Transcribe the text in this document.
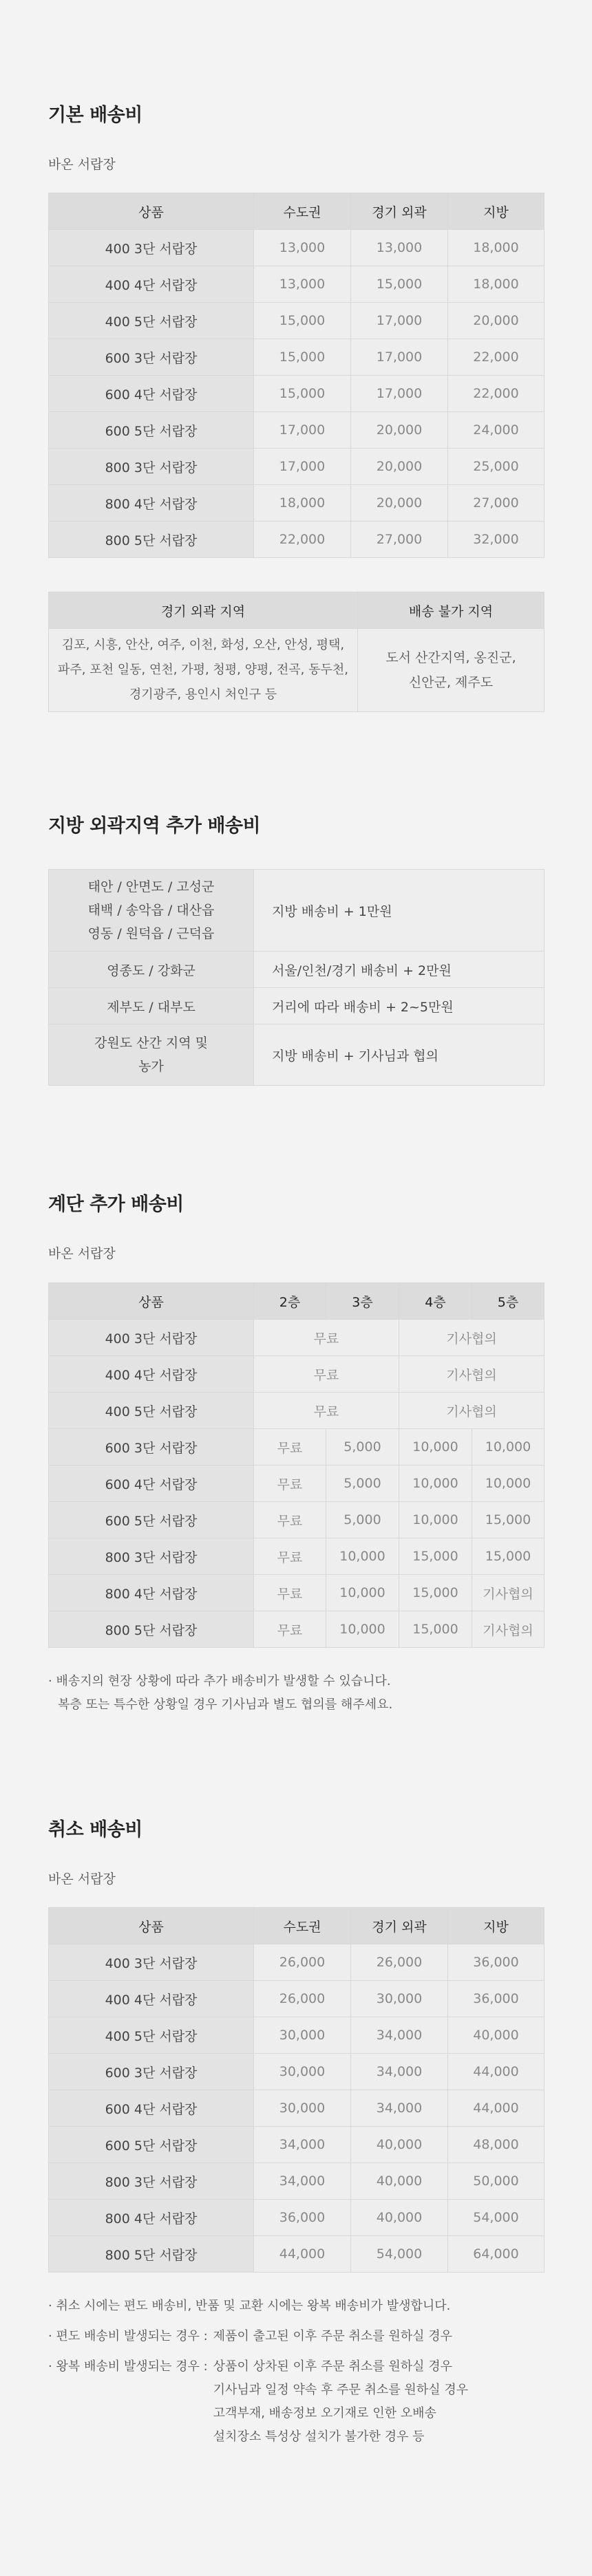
기본 배송비
바온 서랍장
상품	수도권	경기 외곽	지방
400 3단 서랍장	13,000	13,000	18,000
400 4단 서랍장	13,000	15,000	18,000
400 5단 서랍장	15,000	17,000	20,000
600 3단 서랍장	15,000	17,000	22,000
600 4단 서랍장	15,000	17,000	22,000
600 5단 서랍장	17,000	20,000	24,000
800 3단 서랍장	17,000	20,000	25,000
800 4단 서랍장	18,000	20,000	27,000
800 5단 서랍장	22,000	27,000	32,000
경기 외곽 지역	배송 불가 지역
김포, 시흥, 안산, 여주, 이천, 화성, 오산, 안성, 평택, 파주, 포천 일동, 연천, 가평, 청평, 양평, 전곡, 동두천, 경기광주, 용인시 처인구 등	도서 산간지역, 옹진군, 신안군, 제주도
지방 외곽지역 추가 배송비
태안 / 안면도 / 고성군 태백 / 송악읍 / 대산읍 영동 / 원덕읍 / 근덕읍	지방 배송비 + 1만원
영종도 / 강화군	서울/인천/경기 배송비 + 2만원
제부도 / 대부도	거리에 따라 배송비 + 2~5만원
강원도 산간 지역 및 농가	지방 배송비 + 기사님과 협의
계단 추가 배송비
바온 서랍장
상품	2층	3층	4층	5층
400 3단 서랍장	무료		기사협의	
400 4단 서랍장	무료		기사협의	
400 5단 서랍장	무료		기사협의	
600 3단 서랍장	무료	5,000	10,000	10,000
600 4단 서랍장	무료	5,000	10,000	10,000
600 5단 서랍장	무료	5,000	10,000	15,000
800 3단 서랍장	무료	10,000	15,000	15,000
800 4단 서랍장	무료	10,000	15,000	기사협의
800 5단 서랍장	무료	10,000	15,000	기사협의
· 배송지의 현장 상황에 따라 추가 배송비가 발생할 수 있습니다.
복층 또는 특수한 상황일 경우 기사님과 별도 협의를 해주세요.
취소 배송비
바온 서랍장
상품	수도권	경기 외곽	지방
400 3단 서랍장	26,000	26,000	36,000
400 4단 서랍장	26,000	30,000	36,000
400 5단 서랍장	30,000	34,000	40,000
600 3단 서랍장	30,000	34,000	44,000
600 4단 서랍장	30,000	34,000	44,000
600 5단 서랍장	34,000	40,000	48,000
800 3단 서랍장	34,000	40,000	50,000
800 4단 서랍장	36,000	40,000	54,000
800 5단 서랍장	44,000	54,000	64,000
· 취소 시에는 편도 배송비, 반품 및 교환 시에는 왕복 배송비가 발생합니다.
· 편도 배송비 발생되는 경우 : 제품이 출고된 이후 주문 취소를 원하실 경우
· 왕복 배송비 발생되는 경우 : 상품이 상차된 이후 주문 취소를 원하실 경우
기사님과 일정 약속 후 주문 취소를 원하실 경우
고객부재, 배송정보 오기재로 인한 오배송
설치장소 특성상 설치가 불가한 경우 등
